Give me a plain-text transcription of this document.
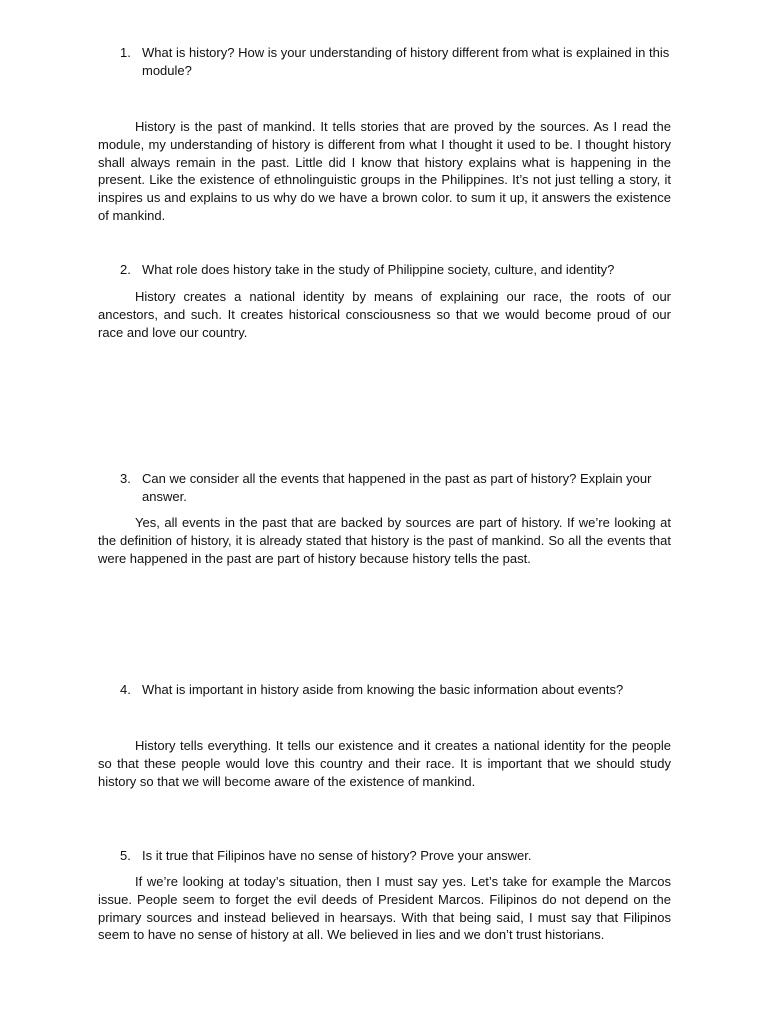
1. What is history? How is your understanding of history different from what is explained in this module?
History is the past of mankind. It tells stories that are proved by the sources. As I read the module, my understanding of history is different from what I thought it used to be. I thought history shall always remain in the past. Little did I know that history explains what is happening in the present. Like the existence of ethnolinguistic groups in the Philippines. It’s not just telling a story, it inspires us and explains to us why do we have a brown color. to sum it up, it answers the existence of mankind.
2. What role does history take in the study of Philippine society, culture, and identity?
History creates a national identity by means of explaining our race, the roots of our ancestors, and such. It creates historical consciousness so that we would become proud of our race and love our country.
3. Can we consider all the events that happened in the past as part of history? Explain your answer.
Yes, all events in the past that are backed by sources are part of history. If we’re looking at the definition of history, it is already stated that history is the past of mankind. So all the events that were happened in the past are part of history because history tells the past.
4. What is important in history aside from knowing the basic information about events?
History tells everything. It tells our existence and it creates a national identity for the people so that these people would love this country and their race. It is important that we should study history so that we will become aware of the existence of mankind.
5. Is it true that Filipinos have no sense of history? Prove your answer.
If we’re looking at today’s situation, then I must say yes. Let’s take for example the Marcos issue. People seem to forget the evil deeds of President Marcos. Filipinos do not depend on the primary sources and instead believed in hearsays. With that being said, I must say that Filipinos seem to have no sense of history at all. We believed in lies and we don’t trust historians.
